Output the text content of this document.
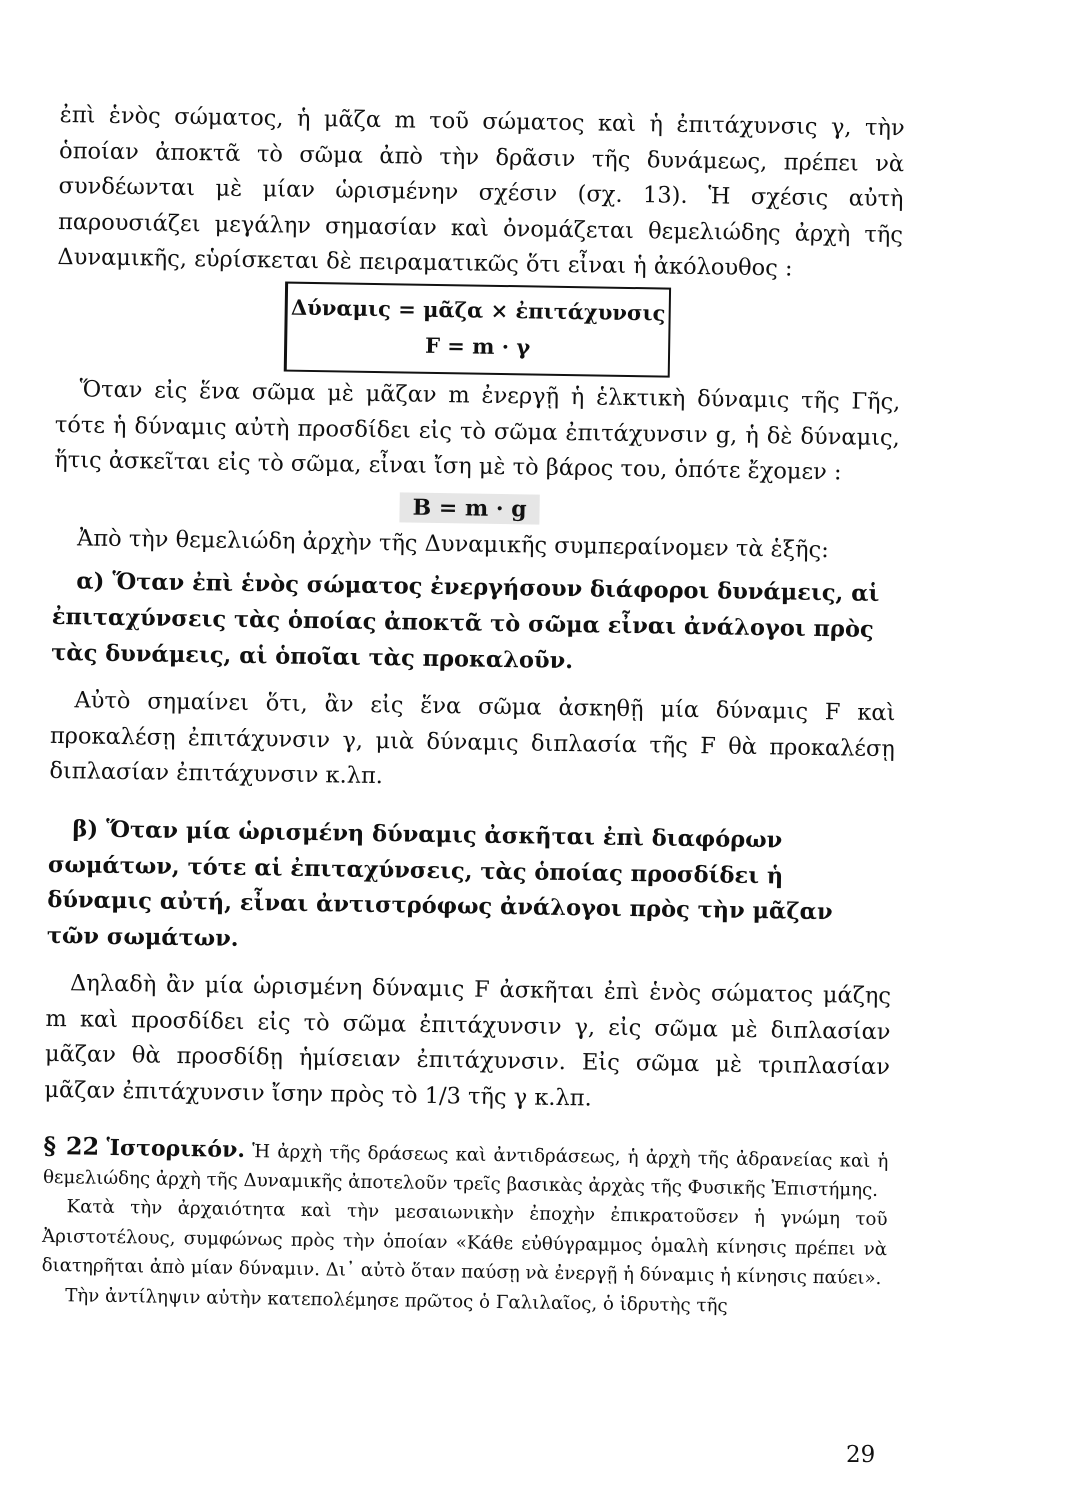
ἐπὶ ἑνὸς σώματος, ἡ μᾶζα m τοῦ σώματος καὶ ἡ ἐπιτάχυνσις γ, τὴν ὁποίαν ἀποκτᾶ τὸ σῶμα ἀπὸ τὴν δρᾶσιν τῆς δυνάμεως, πρέπει νὰ συνδέωνται μὲ μίαν ὡρισμένην σχέσιν (σχ. 13). Ἡ σχέσις αὐτὴ παρουσιάζει μεγάλην σημασίαν καὶ ὀνομάζεται θεμελιώδης ἀρχὴ τῆς Δυναμικῆς, εὑρίσκεται δὲ πειραματικῶς ὅτι εἶναι ἡ ἀκόλουθος :

Δύναμις = μᾶζα × ἐπιτάχυνσις
F = m · γ

Ὅταν εἰς ἕνα σῶμα μὲ μᾶζαν m ἐνεργῇ ἡ ἑλκτικὴ δύναμις τῆς Γῆς, τότε ἡ δύναμις αὐτὴ προσδίδει εἰς τὸ σῶμα ἐπιτάχυνσιν g, ἡ δὲ δύναμις, ἥτις ἀσκεῖται εἰς τὸ σῶμα, εἶναι ἴση μὲ τὸ βάρος του, ὁπότε ἔχομεν :

B = m · g

Ἀπὸ τὴν θεμελιώδη ἀρχὴν τῆς Δυναμικῆς συμπεραίνομεν τὰ ἑξῆς:

α) Ὅταν ἐπὶ ἑνὸς σώματος ἐνεργήσουν διάφοροι δυνάμεις, αἱ ἐπιταχύνσεις τὰς ὁποίας ἀποκτᾶ τὸ σῶμα εἶναι ἀνάλογοι πρὸς τὰς δυνάμεις, αἱ ὁποῖαι τὰς προκαλοῦν.

Αὐτὸ σημαίνει ὅτι, ἂν εἰς ἕνα σῶμα ἀσκηθῇ μία δύναμις F καὶ προκαλέσῃ ἐπιτάχυνσιν γ, μιὰ δύναμις διπλασία τῆς F θὰ προκαλέσῃ διπλασίαν ἐπιτάχυνσιν κ.λπ.

β) Ὅταν μία ὡρισμένη δύναμις ἀσκῆται ἐπὶ διαφόρων σωμάτων, τότε αἱ ἐπιταχύνσεις, τὰς ὁποίας προσδίδει ἡ δύναμις αὐτή, εἶναι ἀντιστρόφως ἀνάλογοι πρὸς τὴν μᾶζαν τῶν σωμάτων.

Δηλαδὴ ἂν μία ὡρισμένη δύναμις F ἀσκῆται ἐπὶ ἑνὸς σώματος μάζης m καὶ προσδίδει εἰς τὸ σῶμα ἐπιτάχυνσιν γ, εἰς σῶμα μὲ διπλασίαν μᾶζαν θὰ προσδίδῃ ἡμίσειαν ἐπιτάχυνσιν. Εἰς σῶμα μὲ τριπλασίαν μᾶζαν ἐπιτάχυνσιν ἴσην πρὸς τὸ 1/3 τῆς γ κ.λπ.

§ 22 Ἱστορικόν. Ἡ ἀρχὴ τῆς δράσεως καὶ ἀντιδράσεως, ἡ ἀρχὴ τῆς ἀδρανείας καὶ ἡ θεμελιώδης ἀρχὴ τῆς Δυναμικῆς ἀποτελοῦν τρεῖς βασικὰς ἀρχὰς τῆς Φυσικῆς Ἐπιστήμης.

Κατὰ τὴν ἀρχαιότητα καὶ τὴν μεσαιωνικὴν ἐποχὴν ἐπικρατοῦσεν ἡ γνώμη τοῦ Ἀριστοτέλους, συμφώνως πρὸς τὴν ὁποίαν «Κάθε εὐθύγραμμος ὁμαλὴ κίνησις πρέπει νὰ διατηρῆται ἀπὸ μίαν δύναμιν. Δι᾿ αὐτὸ ὅταν παύσῃ νὰ ἐνεργῇ ἡ δύναμις ἡ κίνησις παύει».

Τὴν ἀντίληψιν αὐτὴν κατεπολέμησε πρῶτος ὁ Γαλιλαῖος, ὁ ἱδρυτὴς τῆς

29
